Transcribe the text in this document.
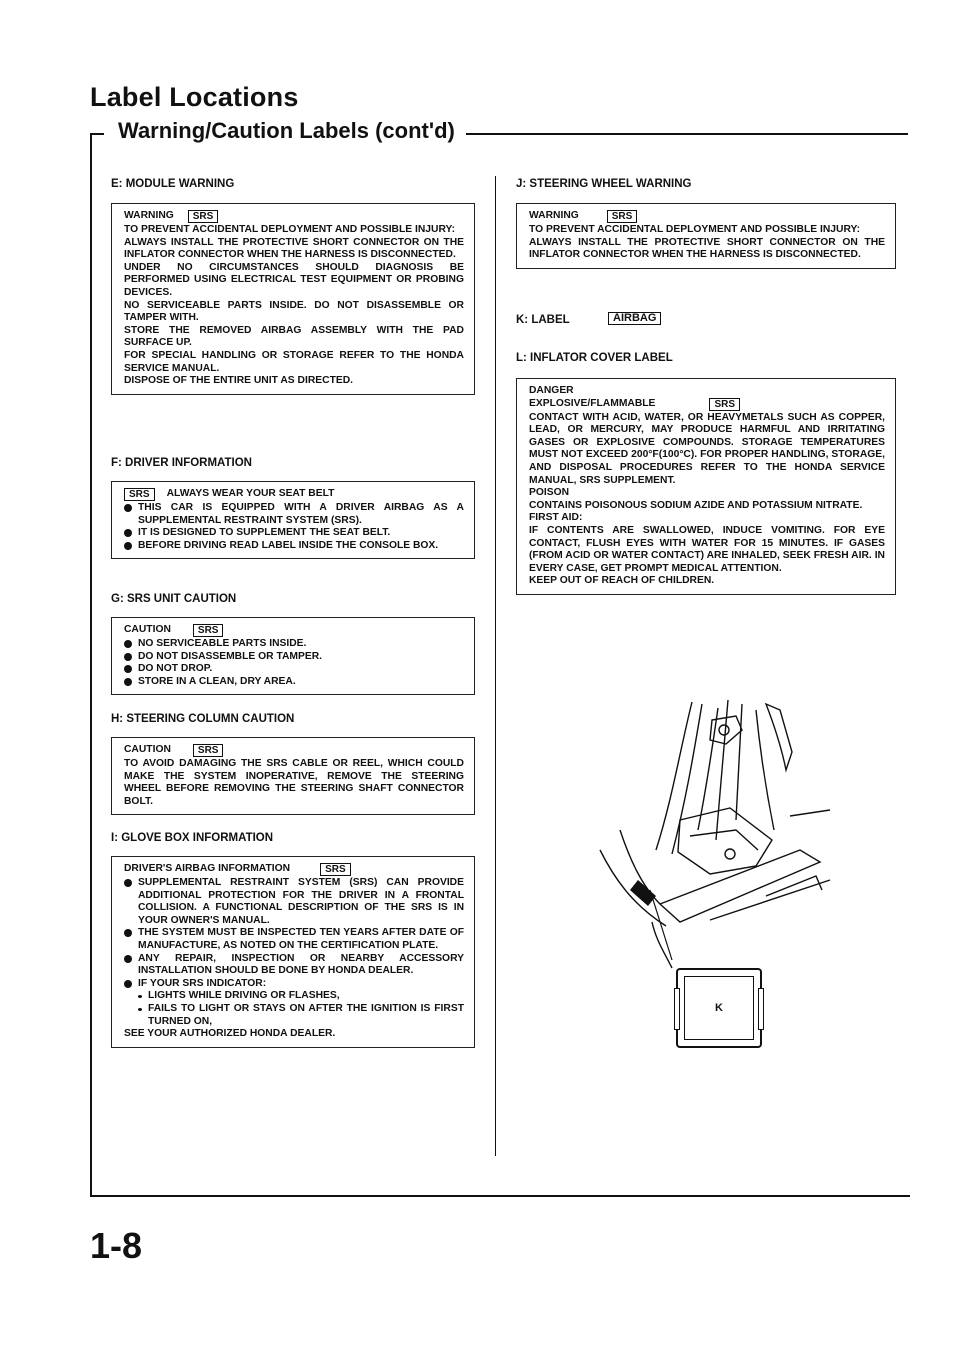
Label Locations
Warning/Caution Labels (cont'd)
E: MODULE WARNING
WARNING	SRS
TO PREVENT ACCIDENTAL DEPLOYMENT AND POSSIBLE INJURY:
ALWAYS INSTALL THE PROTECTIVE SHORT CONNECTOR ON THE INFLATOR CONNECTOR WHEN THE HARNESS IS DISCONNECTED.
UNDER NO CIRCUMSTANCES SHOULD DIAGNOSIS BE PERFORMED USING ELECTRICAL TEST EQUIPMENT OR PROBING DEVICES.
NO SERVICEABLE PARTS INSIDE. DO NOT DISASSEMBLE OR TAMPER WITH.
STORE THE REMOVED AIRBAG ASSEMBLY WITH THE PAD SURFACE UP.
FOR SPECIAL HANDLING OR STORAGE REFER TO THE HONDA SERVICE MANUAL.
DISPOSE OF THE ENTIRE UNIT AS DIRECTED.
F: DRIVER INFORMATION
SRS	ALWAYS WEAR YOUR SEAT BELT
THIS CAR IS EQUIPPED WITH A DRIVER AIRBAG AS A SUPPLEMENTAL RESTRAINT SYSTEM (SRS).
IT IS DESIGNED TO SUPPLEMENT THE SEAT BELT.
BEFORE DRIVING READ LABEL INSIDE THE CONSOLE BOX.
G: SRS UNIT CAUTION
CAUTION	SRS
NO SERVICEABLE PARTS INSIDE.
DO NOT DISASSEMBLE OR TAMPER.
DO NOT DROP.
STORE IN A CLEAN, DRY AREA.
H: STEERING COLUMN CAUTION
CAUTION	SRS
TO AVOID DAMAGING THE SRS CABLE OR REEL, WHICH COULD MAKE THE SYSTEM INOPERATIVE, REMOVE THE STEERING WHEEL BEFORE REMOVING THE STEERING SHAFT CONNECTOR BOLT.
I: GLOVE BOX INFORMATION
DRIVER'S AIRBAG INFORMATION	SRS
SUPPLEMENTAL RESTRAINT SYSTEM (SRS) CAN PROVIDE ADDITIONAL PROTECTION FOR THE DRIVER IN A FRONTAL COLLISION. A FUNCTIONAL DESCRIPTION OF THE SRS IS IN YOUR OWNER'S MANUAL.
THE SYSTEM MUST BE INSPECTED TEN YEARS AFTER DATE OF MANUFACTURE, AS NOTED ON THE CERTIFICATION PLATE.
ANY REPAIR, INSPECTION OR NEARBY ACCESSORY INSTALLATION SHOULD BE DONE BY HONDA DEALER.
IF YOUR SRS INDICATOR:
LIGHTS WHILE DRIVING OR FLASHES,
FAILS TO LIGHT OR STAYS ON AFTER THE IGNITION IS FIRST TURNED ON,
SEE YOUR AUTHORIZED HONDA DEALER.
J: STEERING WHEEL WARNING
WARNING	SRS
TO PREVENT ACCIDENTAL DEPLOYMENT AND POSSIBLE INJURY:
ALWAYS INSTALL THE PROTECTIVE SHORT CONNECTOR ON THE INFLATOR CONNECTOR WHEN THE HARNESS IS DISCONNECTED.
K: LABEL	AIRBAG
L: INFLATOR COVER LABEL
DANGER
EXPLOSIVE/FLAMMABLE	SRS
CONTACT WITH ACID, WATER, OR HEAVYMETALS SUCH AS COPPER, LEAD, OR MERCURY, MAY PRODUCE HARMFUL AND IRRITATING GASES OR EXPLOSIVE COMPOUNDS. STORAGE TEMPERATURES MUST NOT EXCEED 200°F(100°C). FOR PROPER HANDLING, STORAGE, AND DISPOSAL PROCEDURES REFER TO THE HONDA SERVICE MANUAL, SRS SUPPLEMENT.
POISON
CONTAINS POISONOUS SODIUM AZIDE AND POTASSIUM NITRATE.
FIRST AID:
IF CONTENTS ARE SWALLOWED, INDUCE VOMITING. FOR EYE CONTACT, FLUSH EYES WITH WATER FOR 15 MINUTES. IF GASES (FROM ACID OR WATER CONTACT) ARE INHALED, SEEK FRESH AIR. IN EVERY CASE, GET PROMPT MEDICAL ATTENTION.
KEEP OUT OF REACH OF CHILDREN.
K
1-8
